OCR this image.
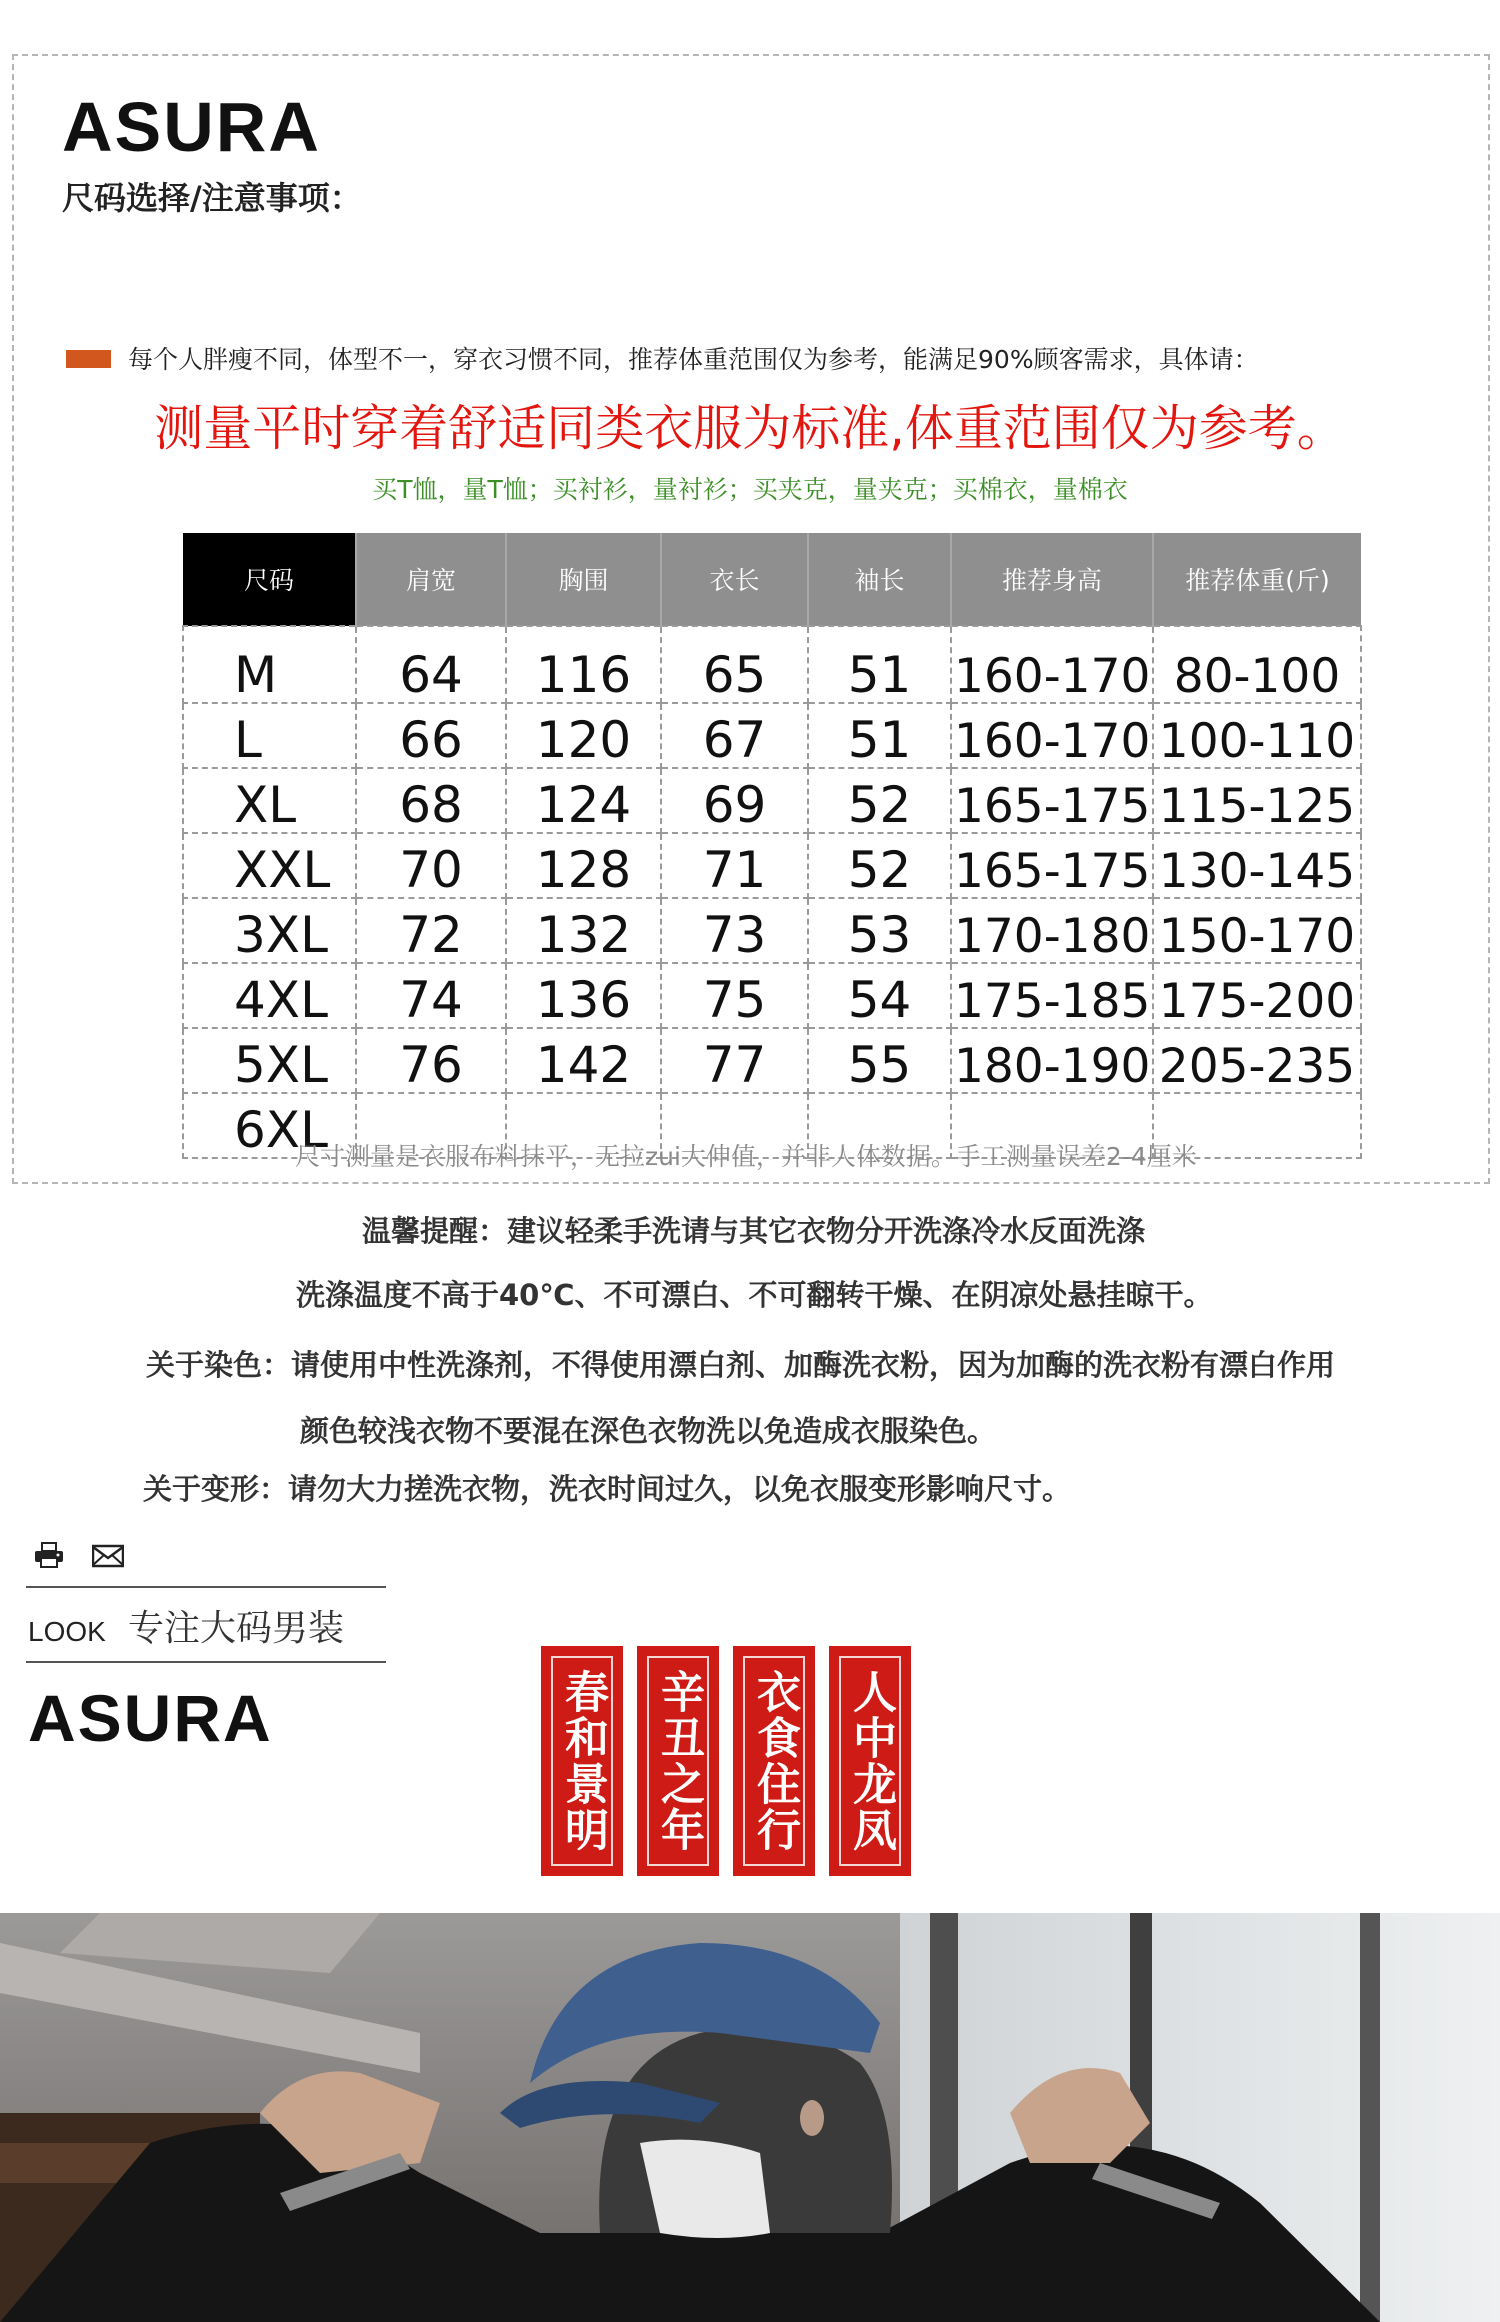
ASURA
尺码选择/注意事项：
每个人胖瘦不同，体型不一，穿衣习惯不同，推荐体重范围仅为参考，能满足90%顾客需求，具体请：
测量平时穿着舒适同类衣服为标准,体重范围仅为参考。
买T恤，量T恤；买衬衫，量衬衫；买夹克，量夹克；买棉衣，量棉衣
尺码	肩宽	胸围	衣长	袖长	推荐身高	推荐体重(斤)
M	64	116	65	51	160-170	80-100
L	66	120	67	51	160-170	100-110
XL	68	124	69	52	165-175	115-125
XXL	70	128	71	52	165-175	130-145
3XL	72	132	73	53	170-180	150-170
4XL	74	136	75	54	175-185	175-200
5XL	76	142	77	55	180-190	205-235
6XL						
尺寸测量是衣服布料抹平，无拉zui大伸值，并非人体数据。手工测量误差2-4厘米
温馨提醒：建议轻柔手洗请与其它衣物分开洗涤冷水反面洗涤
洗涤温度不高于40℃、不可漂白、不可翻转干燥、在阴凉处悬挂晾干。
关于染色：请使用中性洗涤剂，不得使用漂白剂、加酶洗衣粉，因为加酶的洗衣粉有漂白作用
颜色较浅衣物不要混在深色衣物洗以免造成衣服染色。
关于变形：请勿大力搓洗衣物，洗衣时间过久，以免衣服变形影响尺寸。
LOOK 专注大码男装
ASURA	春和景明 辛丑之年 衣食住行 人中龙凤
